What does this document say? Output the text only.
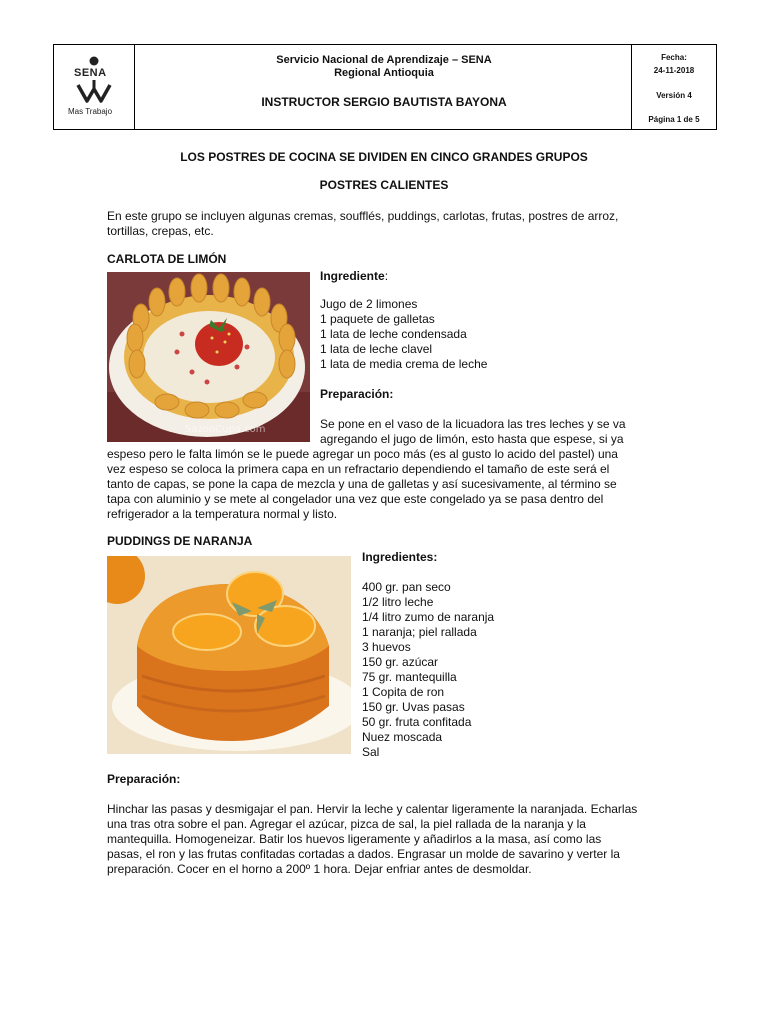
SENA
Mas Trabajo
Servicio Nacional de Aprendizaje – SENA
Regional Antioquia
INSTRUCTOR SERGIO BAUTISTA BAYONA
Fecha:
24-11-2018
Versión 4
Página 1 de 5
LOS POSTRES DE COCINA SE DIVIDEN EN CINCO GRANDES GRUPOS
POSTRES CALIENTES
En este grupo se incluyen algunas cremas, soufflés, puddings, carlotas, frutas, postres de arroz,
tortillas, crepas, etc.
CARLOTA DE LIMÓN
SazonCupa.com
Ingrediente:
Jugo de 2 limones
1 paquete de galletas
1 lata de leche condensada
1 lata de leche clavel
1 lata de media crema de leche
Preparación:
Se pone en el vaso de la licuadora las tres leches y se va
agregando el jugo de limón, esto hasta que espese, si ya
espeso pero le falta limón se le puede agregar un poco más (es al gusto lo acido del pastel) una
vez espeso se coloca la primera capa en un refractario dependiendo el tamaño de este será el
tanto de capas, se pone la capa de mezcla y una de galletas y así sucesivamente, al término se
tapa con aluminio y se mete al congelador una vez que este congelado ya se pasa dentro del
refrigerador a la temperatura normal y listo.
PUDDINGS DE NARANJA
Ingredientes:
400 gr. pan seco
1/2 litro leche
1/4 litro zumo de naranja
1 naranja; piel rallada
3 huevos
150 gr. azúcar
75 gr. mantequilla
1 Copita de ron
150 gr. Uvas pasas
50 gr. fruta confitada
Nuez moscada
Sal
Preparación:
Hinchar las pasas y desmigajar el pan. Hervir la leche y calentar ligeramente la naranjada. Echarlas
una tras otra sobre el pan. Agregar el azúcar, pizca de sal, la piel rallada de la naranja y la
mantequilla. Homogeneizar. Batir los huevos ligeramente y añadirlos a la masa, así como las
pasas, el ron y las frutas confitadas cortadas a dados. Engrasar un molde de savarino y verter la
preparación. Cocer en el horno a 200º 1 hora. Dejar enfriar antes de desmoldar.
